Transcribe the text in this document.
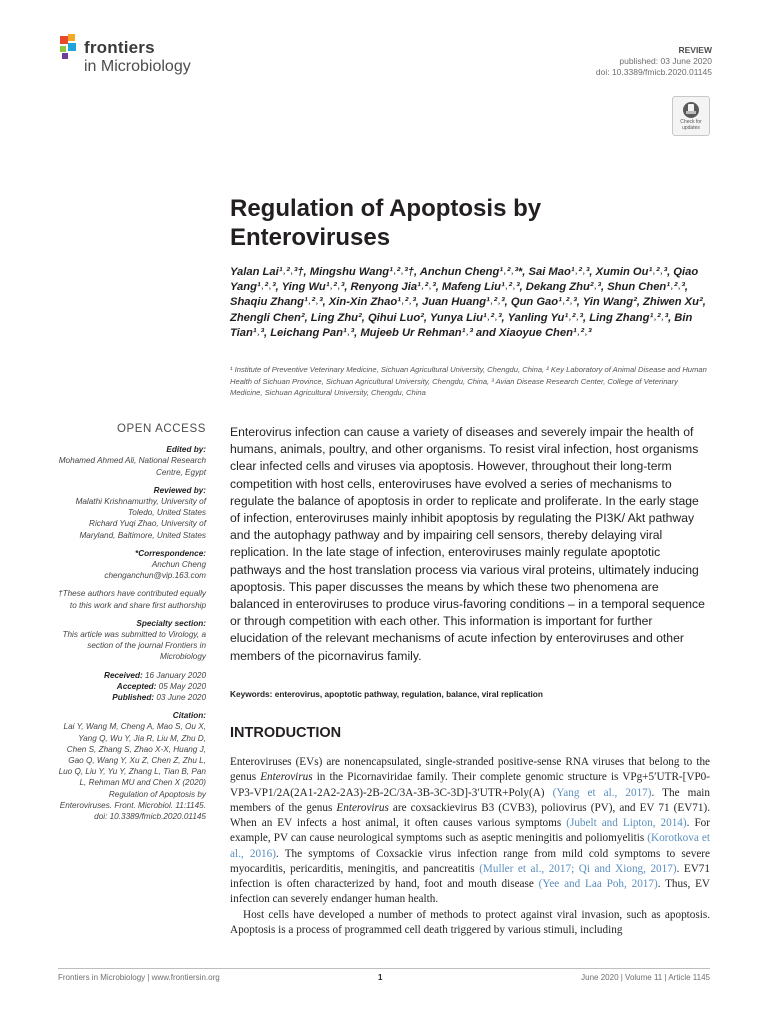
frontiers
in Microbiology
REVIEW
published: 03 June 2020
doi: 10.3389/fmicb.2020.01145
Check for updates
Regulation of Apoptosis by Enteroviruses
Yalan Lai¹˒²˒³†, Mingshu Wang¹˒²˒³†, Anchun Cheng¹˒²˒³*, Sai Mao¹˒²˒³, Xumin Ou¹˒²˒³, Qiao Yang¹˒²˒³, Ying Wu¹˒²˒³, Renyong Jia¹˒²˒³, Mafeng Liu¹˒²˒³, Dekang Zhu²˒³, Shun Chen¹˒²˒³, Shaqiu Zhang¹˒²˒³, Xin-Xin Zhao¹˒²˒³, Juan Huang¹˒²˒³, Qun Gao¹˒²˒³, Yin Wang², Zhiwen Xu², Zhengli Chen², Ling Zhu², Qihui Luo², Yunya Liu¹˒²˒³, Yanling Yu¹˒²˒³, Ling Zhang¹˒²˒³, Bin Tian¹˒³, Leichang Pan¹˒³, Mujeeb Ur Rehman¹˒³ and Xiaoyue Chen¹˒²˒³
¹ Institute of Preventive Veterinary Medicine, Sichuan Agricultural University, Chengdu, China, ² Key Laboratory of Animal Disease and Human Health of Sichuan Province, Sichuan Agricultural University, Chengdu, China, ³ Avian Disease Research Center, College of Veterinary Medicine, Sichuan Agricultural University, Chengdu, China
OPEN ACCESS
Edited by:
Mohamed Ahmed Ali, National Research Centre, Egypt
Reviewed by:
Malathi Krishnamurthy, University of Toledo, United States
Richard Yuqi Zhao, University of Maryland, Baltimore, United States
*Correspondence:
Anchun Cheng
chenganchun@vip.163.com
†These authors have contributed equally to this work and share first authorship
Specialty section:
This article was submitted to Virology, a section of the journal Frontiers in Microbiology
Received: 16 January 2020
Accepted: 05 May 2020
Published: 03 June 2020
Citation:
Lai Y, Wang M, Cheng A, Mao S, Ou X, Yang Q, Wu Y, Jia R, Liu M, Zhu D, Chen S, Zhang S, Zhao X-X, Huang J, Gao Q, Wang Y, Xu Z, Chen Z, Zhu L, Luo Q, Liu Y, Yu Y, Zhang L, Tian B, Pan L, Rehman MU and Chen X (2020) Regulation of Apoptosis by Enteroviruses. Front. Microbiol. 11:1145. doi: 10.3389/fmicb.2020.01145
Enterovirus infection can cause a variety of diseases and severely impair the health of humans, animals, poultry, and other organisms. To resist viral infection, host organisms clear infected cells and viruses via apoptosis. However, throughout their long-term competition with host cells, enteroviruses have evolved a series of mechanisms to regulate the balance of apoptosis in order to replicate and proliferate. In the early stage of infection, enteroviruses mainly inhibit apoptosis by regulating the PI3K/ Akt pathway and the autophagy pathway and by impairing cell sensors, thereby delaying viral replication. In the late stage of infection, enteroviruses mainly regulate apoptotic pathways and the host translation process via various viral proteins, ultimately inducing apoptosis. This paper discusses the means by which these two phenomena are balanced in enteroviruses to produce virus-favoring conditions – in a temporal sequence or through competition with each other. This information is important for further elucidation of the relevant mechanisms of acute infection by enteroviruses and other members of the picornavirus family.
Keywords: enterovirus, apoptotic pathway, regulation, balance, viral replication
INTRODUCTION
Enteroviruses (EVs) are nonencapsulated, single-stranded positive-sense RNA viruses that belong to the genus Enterovirus in the Picornaviridae family. Their complete genomic structure is VPg+5′UTR-[VP0-VP3-VP1/2A(2A1-2A2-2A3)-2B-2C/3A-3B-3C-3D]-3′UTR+Poly(A) (Yang et al., 2017). The main members of the genus Enterovirus are coxsackievirus B3 (CVB3), poliovirus (PV), and EV 71 (EV71). When an EV infects a host animal, it often causes various symptoms (Jubelt and Lipton, 2014). For example, PV can cause neurological symptoms such as aseptic meningitis and poliomyelitis (Korotkova et al., 2016). The symptoms of Coxsackie virus infection range from mild cold symptoms to severe myocarditis, pericarditis, meningitis, and pancreatitis (Muller et al., 2017; Qi and Xiong, 2017). EV71 infection is often characterized by hand, foot and mouth disease (Yee and Laa Poh, 2017). Thus, EV infection can severely endanger human health.
Host cells have developed a number of methods to protect against viral invasion, such as apoptosis. Apoptosis is a process of programmed cell death triggered by various stimuli, including
Frontiers in Microbiology | www.frontiersin.org	1	June 2020 | Volume 11 | Article 1145
